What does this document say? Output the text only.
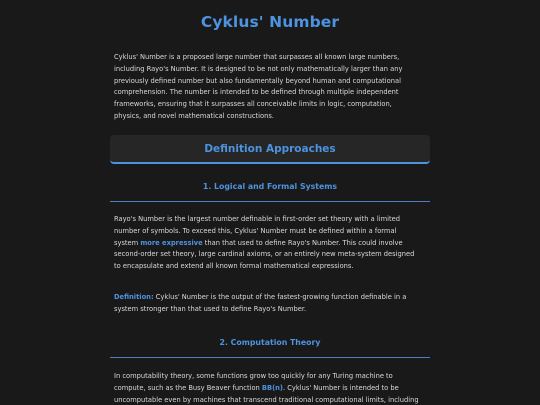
Cyklus' Number
Cyklus' Number is a proposed large number that surpasses all known large numbers,
including Rayo's Number. It is designed to be not only mathematically larger than any
previously defined number but also fundamentally beyond human and computational
comprehension. The number is intended to be defined through multiple independent
frameworks, ensuring that it surpasses all conceivable limits in logic, computation,
physics, and novel mathematical constructions.
Definition Approaches
1. Logical and Formal Systems
Rayo's Number is the largest number definable in first-order set theory with a limited
number of symbols. To exceed this, Cyklus' Number must be defined within a formal
system more expressive than that used to define Rayo's Number. This could involve
second-order set theory, large cardinal axioms, or an entirely new meta-system designed
to encapsulate and extend all known formal mathematical expressions.
Definition: Cyklus' Number is the output of the fastest-growing function definable in a
system stronger than that used to define Rayo's Number.
2. Computation Theory
In computability theory, some functions grow too quickly for any Turing machine to
compute, such as the Busy Beaver function BB(n). Cyklus' Number is intended to be
uncomputable even by machines that transcend traditional computational limits, including
